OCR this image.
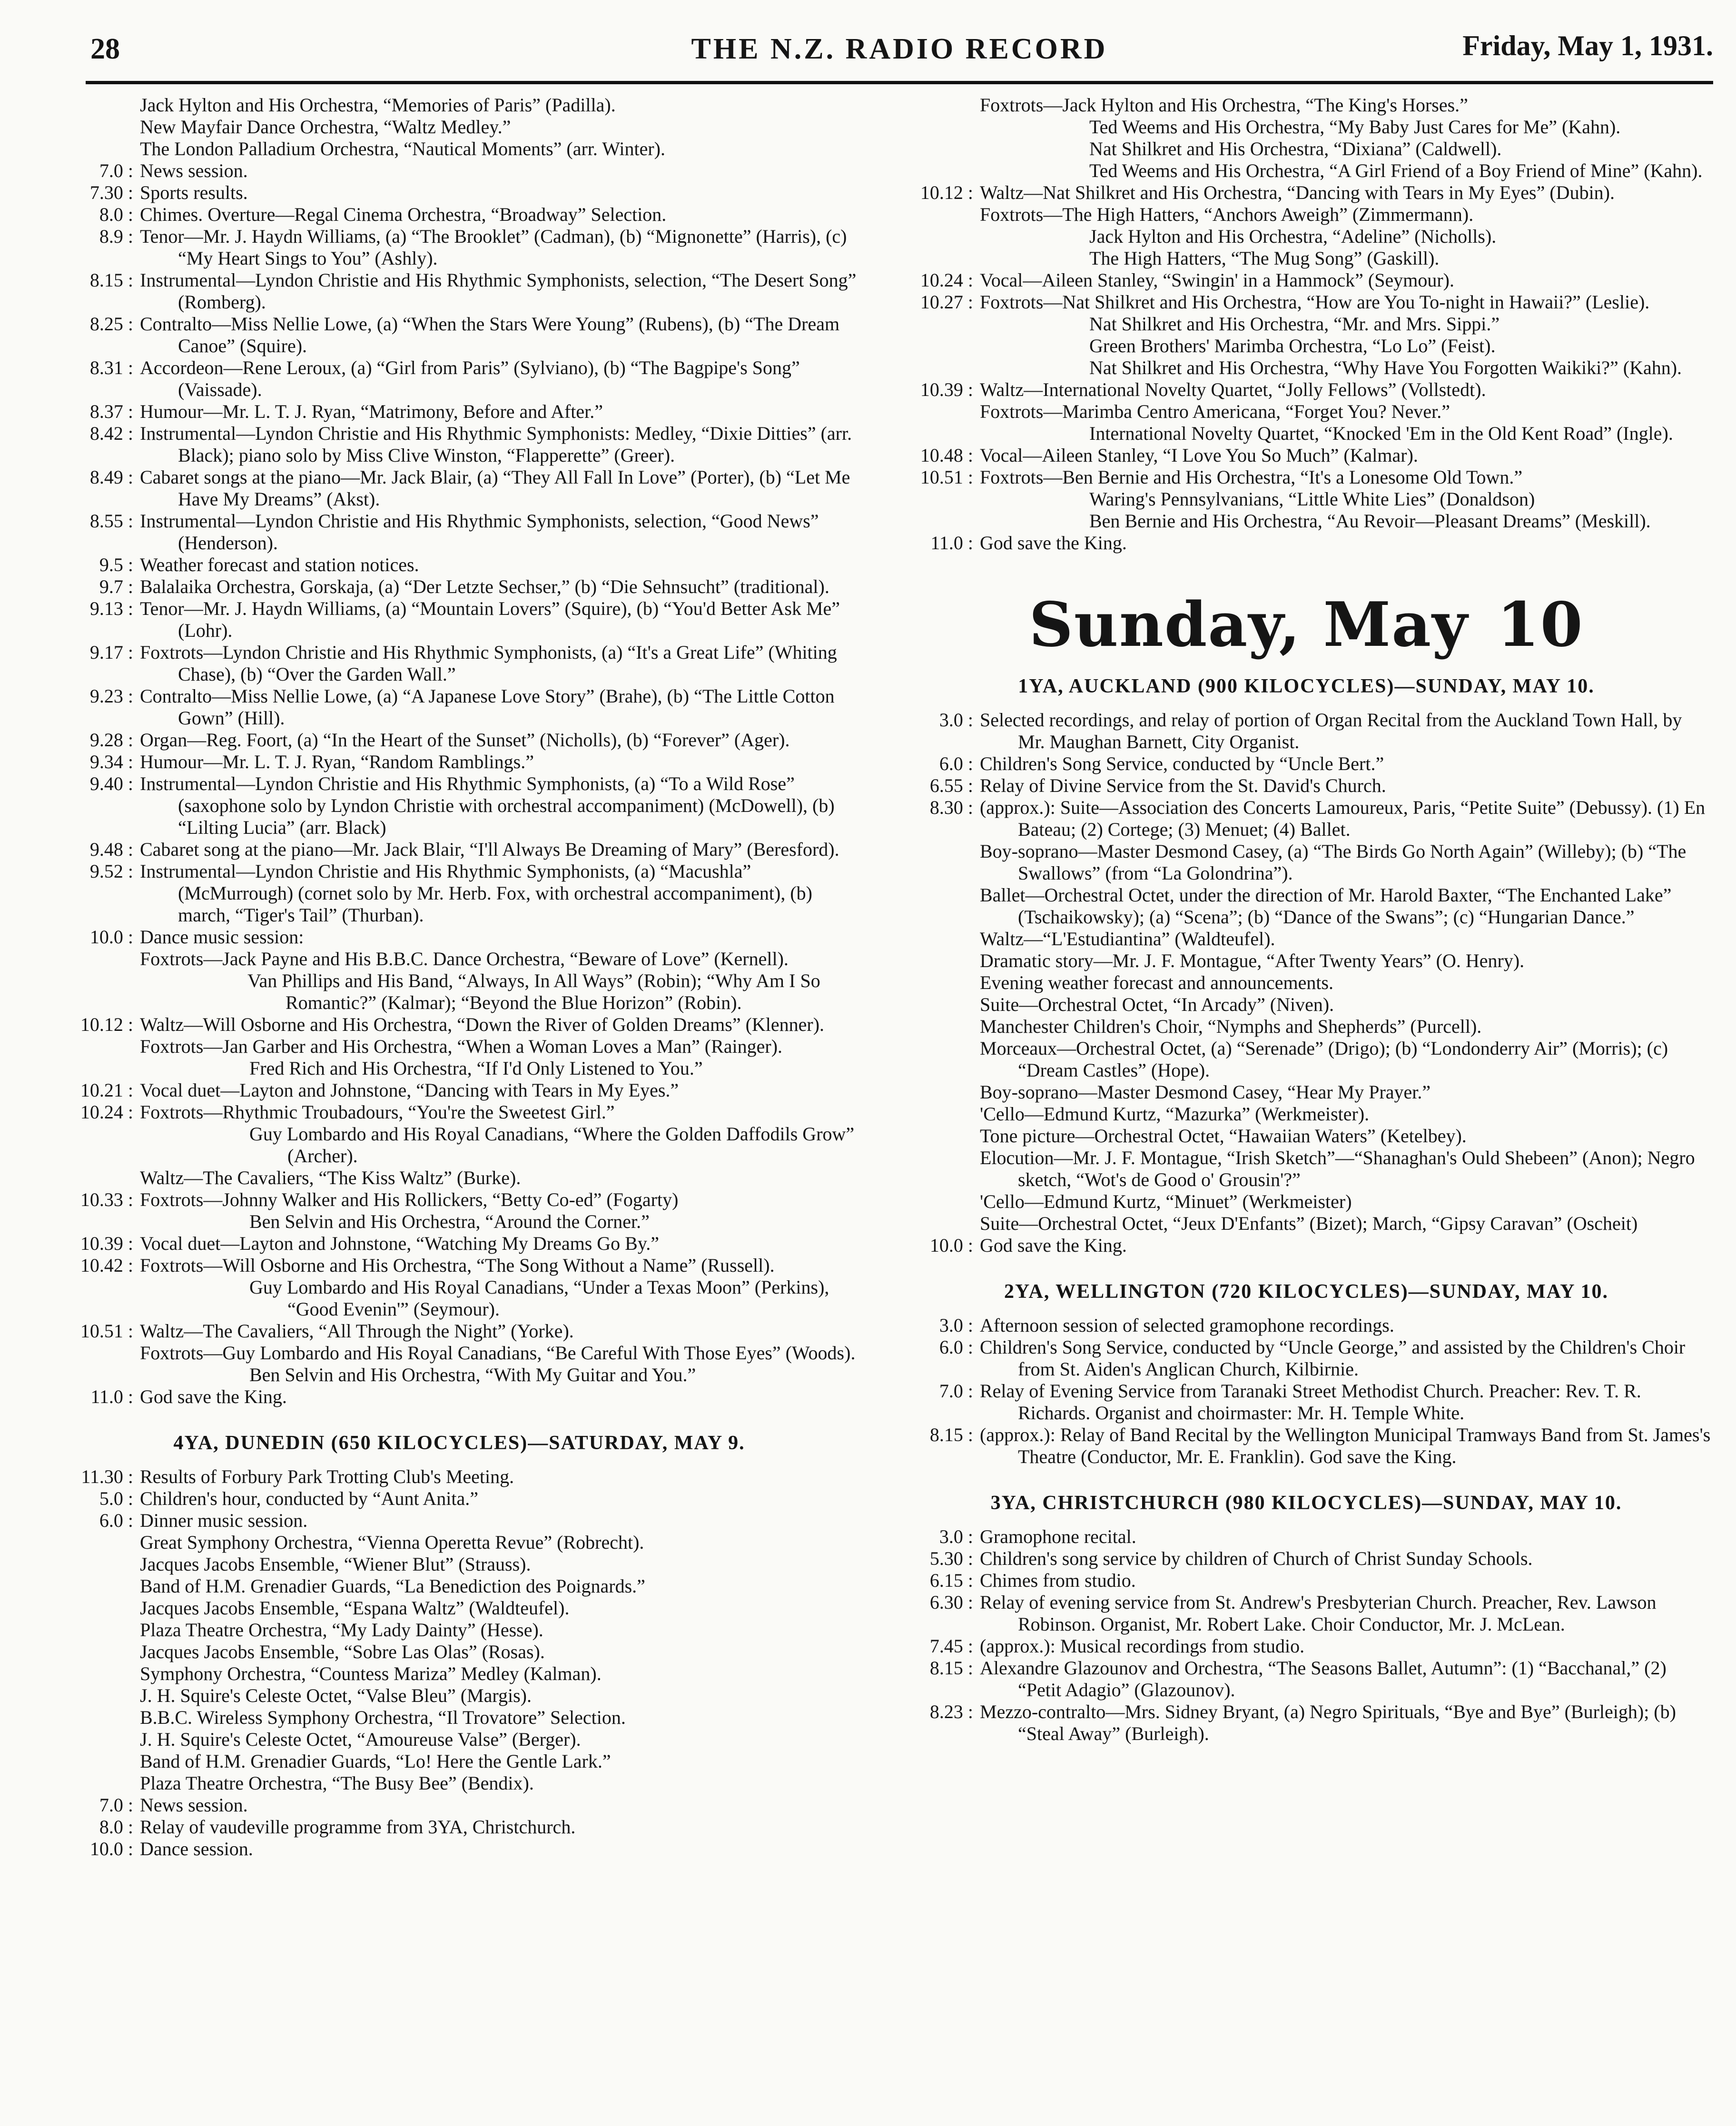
28	THE N.Z. RADIO RECORD	Friday, May 1, 1931.
Jack Hylton and His Orchestra, “Memories of Paris” (Padilla).
New Mayfair Dance Orchestra, “Waltz Medley.”
The London Palladium Orchestra, “Nautical Moments” (arr. Winter).
7.0 : News session.
7.30 : Sports results.
8.0 : Chimes. Overture—Regal Cinema Orchestra, “Broadway” Selection.
8.9 : Tenor—Mr. J. Haydn Williams, (a) “The Brooklet” (Cadman), (b) “Mignonette” (Harris), (c) “My Heart Sings to You” (Ashly).
8.15 : Instrumental—Lyndon Christie and His Rhythmic Symphonists, selection, “The Desert Song” (Romberg).
8.25 : Contralto—Miss Nellie Lowe, (a) “When the Stars Were Young” (Rubens), (b) “The Dream Canoe” (Squire).
8.31 : Accordeon—Rene Leroux, (a) “Girl from Paris” (Sylviano), (b) “The Bagpipe's Song” (Vaissade).
8.37 : Humour—Mr. L. T. J. Ryan, “Matrimony, Before and After.”
8.42 : Instrumental—Lyndon Christie and His Rhythmic Symphonists: Medley, “Dixie Ditties” (arr. Black); piano solo by Miss Clive Winston, “Flapperette” (Greer).
8.49 : Cabaret songs at the piano—Mr. Jack Blair, (a) “They All Fall In Love” (Porter), (b) “Let Me Have My Dreams” (Akst).
8.55 : Instrumental—Lyndon Christie and His Rhythmic Symphonists, selection, “Good News” (Henderson).
9.5 : Weather forecast and station notices.
9.7 : Balalaika Orchestra, Gorskaja, (a) “Der Letzte Sechser,” (b) “Die Sehnsucht” (traditional).
9.13 : Tenor—Mr. J. Haydn Williams, (a) “Mountain Lovers” (Squire), (b) “You'd Better Ask Me” (Lohr).
9.17 : Foxtrots—Lyndon Christie and His Rhythmic Symphonists, (a) “It's a Great Life” (Whiting Chase), (b) “Over the Garden Wall.”
9.23 : Contralto—Miss Nellie Lowe, (a) “A Japanese Love Story” (Brahe), (b) “The Little Cotton Gown” (Hill).
9.28 : Organ—Reg. Foort, (a) “In the Heart of the Sunset” (Nicholls), (b) “Forever” (Ager).
9.34 : Humour—Mr. L. T. J. Ryan, “Random Ramblings.”
9.40 : Instrumental—Lyndon Christie and His Rhythmic Symphonists, (a) “To a Wild Rose” (saxophone solo by Lyndon Christie with orchestral accompaniment) (McDowell), (b) “Lilting Lucia” (arr. Black)
9.48 : Cabaret song at the piano—Mr. Jack Blair, “I'll Always Be Dreaming of Mary” (Beresford).
9.52 : Instrumental—Lyndon Christie and His Rhythmic Symphonists, (a) “Macushla” (McMurrough) (cornet solo by Mr. Herb. Fox, with orchestral accompaniment), (b) march, “Tiger's Tail” (Thurban).
10.0 : Dance music session:
Foxtrots—Jack Payne and His B.B.C. Dance Orchestra, “Beware of Love” (Kernell).
Van Phillips and His Band, “Always, In All Ways” (Robin); “Why Am I So Romantic?” (Kalmar); “Beyond the Blue Horizon” (Robin).
10.12 : Waltz—Will Osborne and His Orchestra, “Down the River of Golden Dreams” (Klenner).
Foxtrots—Jan Garber and His Orchestra, “When a Woman Loves a Man” (Rainger).
Fred Rich and His Orchestra, “If I'd Only Listened to You.”
10.21 : Vocal duet—Layton and Johnstone, “Dancing with Tears in My Eyes.”
10.24 : Foxtrots—Rhythmic Troubadours, “You're the Sweetest Girl.”
Guy Lombardo and His Royal Canadians, “Where the Golden Daffodils Grow” (Archer).
Waltz—The Cavaliers, “The Kiss Waltz” (Burke).
10.33 : Foxtrots—Johnny Walker and His Rollickers, “Betty Co-ed” (Fogarty)
Ben Selvin and His Orchestra, “Around the Corner.”
10.39 : Vocal duet—Layton and Johnstone, “Watching My Dreams Go By.”
10.42 : Foxtrots—Will Osborne and His Orchestra, “The Song Without a Name” (Russell).
Guy Lombardo and His Royal Canadians, “Under a Texas Moon” (Perkins), “Good Evenin'” (Seymour).
10.51 : Waltz—The Cavaliers, “All Through the Night” (Yorke).
Foxtrots—Guy Lombardo and His Royal Canadians, “Be Careful With Those Eyes” (Woods).
Ben Selvin and His Orchestra, “With My Guitar and You.”
11.0 : God save the King.
4YA, DUNEDIN (650 KILOCYCLES)—SATURDAY, MAY 9.
11.30 : Results of Forbury Park Trotting Club's Meeting.
5.0 : Children's hour, conducted by “Aunt Anita.”
6.0 : Dinner music session.
Great Symphony Orchestra, “Vienna Operetta Revue” (Robrecht).
Jacques Jacobs Ensemble, “Wiener Blut” (Strauss).
Band of H.M. Grenadier Guards, “La Benediction des Poignards.”
Jacques Jacobs Ensemble, “Espana Waltz” (Waldteufel).
Plaza Theatre Orchestra, “My Lady Dainty” (Hesse).
Jacques Jacobs Ensemble, “Sobre Las Olas” (Rosas).
Symphony Orchestra, “Countess Mariza” Medley (Kalman).
J. H. Squire's Celeste Octet, “Valse Bleu” (Margis).
B.B.C. Wireless Symphony Orchestra, “Il Trovatore” Selection.
J. H. Squire's Celeste Octet, “Amoureuse Valse” (Berger).
Band of H.M. Grenadier Guards, “Lo! Here the Gentle Lark.”
Plaza Theatre Orchestra, “The Busy Bee” (Bendix).
7.0 : News session.
8.0 : Relay of vaudeville programme from 3YA, Christchurch.
10.0 : Dance session.
Foxtrots—Jack Hylton and His Orchestra, “The King's Horses.”
Ted Weems and His Orchestra, “My Baby Just Cares for Me” (Kahn).
Nat Shilkret and His Orchestra, “Dixiana” (Caldwell).
Ted Weems and His Orchestra, “A Girl Friend of a Boy Friend of Mine” (Kahn).
10.12 : Waltz—Nat Shilkret and His Orchestra, “Dancing with Tears in My Eyes” (Dubin).
Foxtrots—The High Hatters, “Anchors Aweigh” (Zimmermann).
Jack Hylton and His Orchestra, “Adeline” (Nicholls).
The High Hatters, “The Mug Song” (Gaskill).
10.24 : Vocal—Aileen Stanley, “Swingin' in a Hammock” (Seymour).
10.27 : Foxtrots—Nat Shilkret and His Orchestra, “How are You To-night in Hawaii?” (Leslie).
Nat Shilkret and His Orchestra, “Mr. and Mrs. Sippi.”
Green Brothers' Marimba Orchestra, “Lo Lo” (Feist).
Nat Shilkret and His Orchestra, “Why Have You Forgotten Waikiki?” (Kahn).
10.39 : Waltz—International Novelty Quartet, “Jolly Fellows” (Vollstedt).
Foxtrots—Marimba Centro Americana, “Forget You? Never.”
International Novelty Quartet, “Knocked 'Em in the Old Kent Road” (Ingle).
10.48 : Vocal—Aileen Stanley, “I Love You So Much” (Kalmar).
10.51 : Foxtrots—Ben Bernie and His Orchestra, “It's a Lonesome Old Town.”
Waring's Pennsylvanians, “Little White Lies” (Donaldson)
Ben Bernie and His Orchestra, “Au Revoir—Pleasant Dreams” (Meskill).
11.0 : God save the King.
Sunday, May 10
1YA, AUCKLAND (900 KILOCYCLES)—SUNDAY, MAY 10.
3.0 : Selected recordings, and relay of portion of Organ Recital from the Auckland Town Hall, by Mr. Maughan Barnett, City Organist.
6.0 : Children's Song Service, conducted by “Uncle Bert.”
6.55 : Relay of Divine Service from the St. David's Church.
8.30 : (approx.): Suite—Association des Concerts Lamoureux, Paris, “Petite Suite” (Debussy). (1) En Bateau; (2) Cortege; (3) Menuet; (4) Ballet.
Boy-soprano—Master Desmond Casey, (a) “The Birds Go North Again” (Willeby); (b) “The Swallows” (from “La Golondrina”).
Ballet—Orchestral Octet, under the direction of Mr. Harold Baxter, “The Enchanted Lake” (Tschaikowsky); (a) “Scena”; (b) “Dance of the Swans”; (c) “Hungarian Dance.”
Waltz—“L'Estudiantina” (Waldteufel).
Dramatic story—Mr. J. F. Montague, “After Twenty Years” (O. Henry).
Evening weather forecast and announcements.
Suite—Orchestral Octet, “In Arcady” (Niven).
Manchester Children's Choir, “Nymphs and Shepherds” (Purcell).
Morceaux—Orchestral Octet, (a) “Serenade” (Drigo); (b) “Londonderry Air” (Morris); (c) “Dream Castles” (Hope).
Boy-soprano—Master Desmond Casey, “Hear My Prayer.”
'Cello—Edmund Kurtz, “Mazurka” (Werkmeister).
Tone picture—Orchestral Octet, “Hawaiian Waters” (Ketelbey).
Elocution—Mr. J. F. Montague, “Irish Sketch”—“Shanaghan's Ould Shebeen” (Anon); Negro sketch, “Wot's de Good o' Grousin'?”
'Cello—Edmund Kurtz, “Minuet” (Werkmeister)
Suite—Orchestral Octet, “Jeux D'Enfants” (Bizet); March, “Gipsy Caravan” (Oscheit)
10.0 : God save the King.
2YA, WELLINGTON (720 KILOCYCLES)—SUNDAY, MAY 10.
3.0 : Afternoon session of selected gramophone recordings.
6.0 : Children's Song Service, conducted by “Uncle George,” and assisted by the Children's Choir from St. Aiden's Anglican Church, Kilbirnie.
7.0 : Relay of Evening Service from Taranaki Street Methodist Church. Preacher: Rev. T. R. Richards. Organist and choirmaster: Mr. H. Temple White.
8.15 : (approx.): Relay of Band Recital by the Wellington Municipal Tramways Band from St. James's Theatre (Conductor, Mr. E. Franklin). God save the King.
3YA, CHRISTCHURCH (980 KILOCYCLES)—SUNDAY, MAY 10.
3.0 : Gramophone recital.
5.30 : Children's song service by children of Church of Christ Sunday Schools.
6.15 : Chimes from studio.
6.30 : Relay of evening service from St. Andrew's Presbyterian Church. Preacher, Rev. Lawson Robinson. Organist, Mr. Robert Lake. Choir Conductor, Mr. J. McLean.
7.45 : (approx.): Musical recordings from studio.
8.15 : Alexandre Glazounov and Orchestra, “The Seasons Ballet, Autumn”: (1) “Bacchanal,” (2) “Petit Adagio” (Glazounov).
8.23 : Mezzo-contralto—Mrs. Sidney Bryant, (a) Negro Spirituals, “Bye and Bye” (Burleigh); (b) “Steal Away” (Burleigh).
